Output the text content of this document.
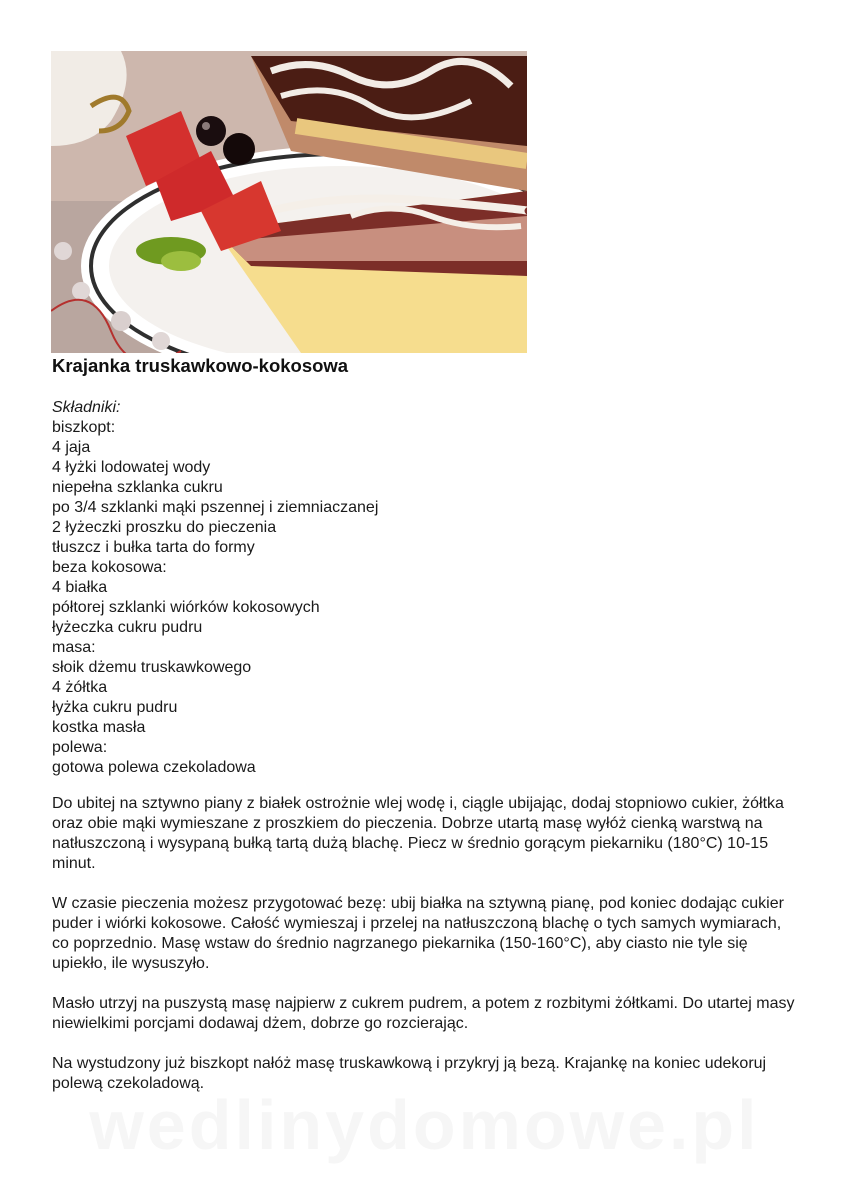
Krajanka truskawkowo-kokosowa
Składniki:
biszkopt:
4 jaja
4 łyżki lodowatej wody
niepełna szklanka cukru
po 3/4 szklanki mąki pszennej i ziemniaczanej
2 łyżeczki proszku do pieczenia
tłuszcz i bułka tarta do formy
beza kokosowa:
4 białka
półtorej szklanki wiórków kokosowych
łyżeczka cukru pudru
masa:
słoik dżemu truskawkowego
4 żółtka
łyżka cukru pudru
kostka masła
polewa:
gotowa polewa czekoladowa

Do ubitej na sztywno piany z białek ostrożnie wlej wodę i, ciągle ubijając, dodaj stopniowo cukier, żółtka oraz obie mąki wymieszane z proszkiem do pieczenia. Dobrze utartą masę wyłóż cienką warstwą na natłuszczoną i wysypaną bułką tartą dużą blachę. Piecz w średnio gorącym piekarniku (180°C) 10-15 minut.

W czasie pieczenia możesz przygotować bezę: ubij białka na sztywną pianę, pod koniec dodając cukier puder i wiórki kokosowe. Całość wymieszaj i przelej na natłuszczoną blachę o tych samych wymiarach, co poprzednio. Masę wstaw do średnio nagrzanego piekarnika (150-160°C), aby ciasto nie tyle się upiekło, ile wysuszyło.

Masło utrzyj na puszystą masę najpierw z cukrem pudrem, a potem z rozbitymi żółtkami. Do utartej masy niewielkimi porcjami dodawaj dżem, dobrze go rozcierając.

Na wystudzony już biszkopt nałóż masę truskawkową i przykryj ją bezą. Krajankę na koniec udekoruj polewą czekoladową.

wedlinydomowe.pl
